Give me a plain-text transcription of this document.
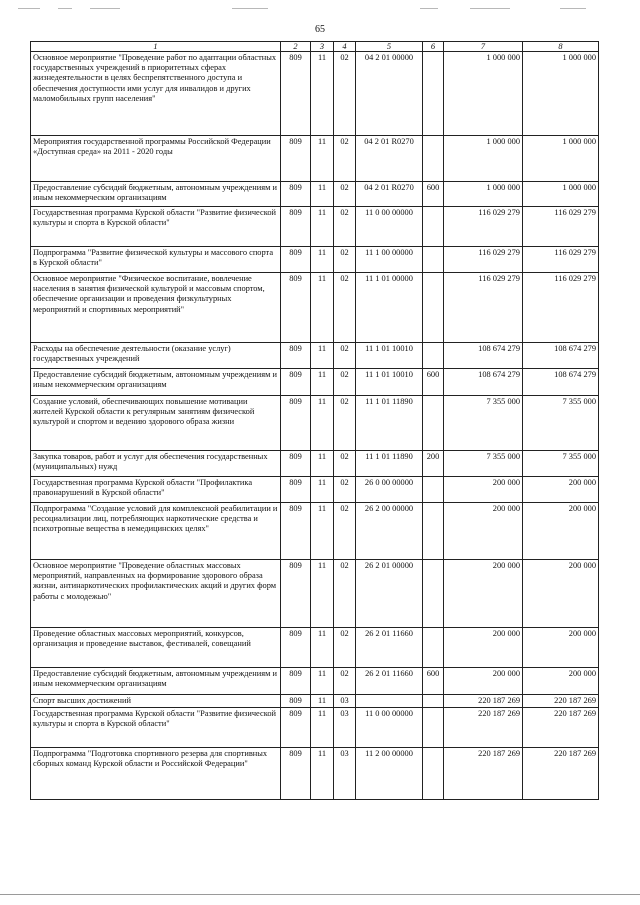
65
1	2	3	4	5	6	7	8
Основное мероприятие "Проведение работ по адаптации областных государственных учреждений в приоритетных сферах жизнедеятельности в целях беспрепятственного доступа и обеспечения доступности ими услуг для инвалидов и других маломобильных групп населения"	809	11	02	04 2 01 00000		1 000 000	1 000 000
Мероприятия государственной программы Российской Федерации «Доступная среда» на 2011 - 2020 годы	809	11	02	04 2 01 R0270		1 000 000	1 000 000
Предоставление субсидий бюджетным, автономным учреждениям и иным некоммерческим организациям	809	11	02	04 2 01 R0270	600	1 000 000	1 000 000
Государственная программа Курской области "Развитие физической культуры и спорта в Курской области"	809	11	02	11 0 00 00000		116 029 279	116 029 279
Подпрограмма "Развитие физической культуры и массового спорта в Курской области"	809	11	02	11 1 00 00000		116 029 279	116 029 279
Основное мероприятие "Физическое воспитание, вовлечение населения в занятия физической культурой и массовым спортом, обеспечение организации и проведения физкультурных мероприятий и спортивных мероприятий"	809	11	02	11 1 01 00000		116 029 279	116 029 279
Расходы на обеспечение деятельности (оказание услуг) государственных учреждений	809	11	02	11 1 01 10010		108 674 279	108 674 279
Предоставление субсидий бюджетным, автономным учреждениям и иным некоммерческим организациям	809	11	02	11 1 01 10010	600	108 674 279	108 674 279
Создание условий, обеспечивающих повышение мотивации жителей Курской области к регулярным занятиям физической культурой и спортом и ведению здорового образа жизни	809	11	02	11 1 01 11890		7 355 000	7 355 000
Закупка товаров, работ и услуг для обеспечения государственных (муниципальных) нужд	809	11	02	11 1 01 11890	200	7 355 000	7 355 000
Государственная программа Курской области "Профилактика правонарушений в Курской области"	809	11	02	26 0 00 00000		200 000	200 000
Подпрограмма "Создание условий для комплексной реабилитации и ресоциализации лиц, потребляющих наркотические средства и психотропные вещества в немедицинских целях"	809	11	02	26 2 00 00000		200 000	200 000
Основное мероприятие "Проведение областных массовых мероприятий, направленных на формирование здорового образа жизни, антинаркотических профилактических акций и других форм работы с молодежью"	809	11	02	26 2 01 00000		200 000	200 000
Проведение областных массовых мероприятий, конкурсов, организация и проведение выставок, фестивалей, совещаний	809	11	02	26 2 01 11660		200 000	200 000
Предоставление субсидий бюджетным, автономным учреждениям и иным некоммерческим организациям	809	11	02	26 2 01 11660	600	200 000	200 000
Спорт высших достижений	809	11	03			220 187 269	220 187 269
Государственная программа Курской области "Развитие физической культуры и спорта в Курской области"	809	11	03	11 0 00 00000		220 187 269	220 187 269
Подпрограмма "Подготовка спортивного резерва для спортивных сборных команд Курской области и Российской Федерации"	809	11	03	11 2 00 00000		220 187 269	220 187 269
